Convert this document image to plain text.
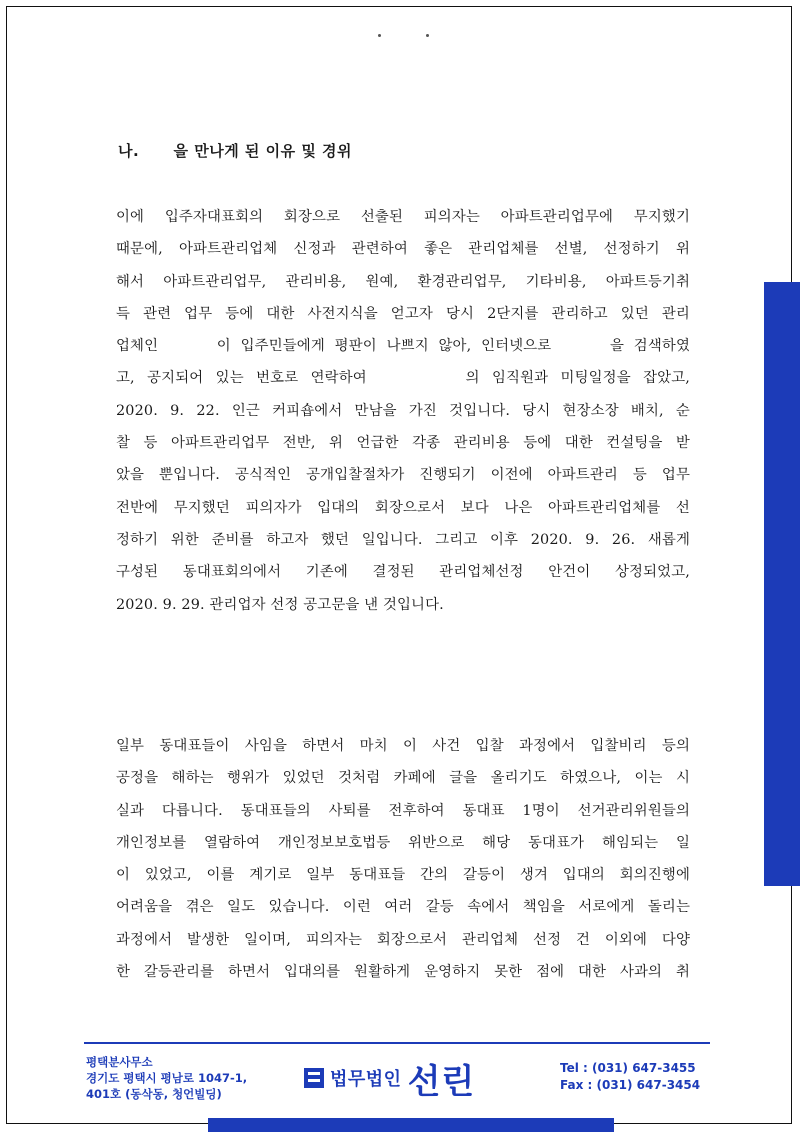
나.      을 만나게 된 이유 및 경위
이에 입주자대표회의 회장으로 선출된 피의자는 아파트관리업무에 무지했기
때문에, 아파트관리업체 신정과 관련하여 좋은 관리업체를 선별, 선정하기 위
해서 아파트관리업무, 관리비용, 원예, 환경관리업무, 기타비용, 아파트등기취
득 관련 업무 등에 대한 사전지식을 얻고자 당시 2단지를 관리하고 있던 관리
업체인      이 입주민들에게 평판이 나쁘지 않아, 인터넷으로      을 검색하였
고, 공지되어 있는 번호로 연락하여        의 임직원과 미팅일정을 잡았고,
2020. 9. 22. 인근 커피숍에서 만남을 가진 것입니다. 당시 현장소장 배치, 순
찰 등 아파트관리업무 전반, 위 언급한 각종 관리비용 등에 대한 컨설팅을 받
았을 뿐입니다. 공식적인 공개입찰절차가 진행되기 이전에 아파트관리 등 업무
전반에 무지했던 피의자가 입대의 회장으로서 보다 나은 아파트관리업체를 선
정하기 위한 준비를 하고자 했던 일입니다. 그리고 이후 2020. 9. 26. 새롭게
구성된 동대표회의에서 기존에 결정된 관리업체선정 안건이 상정되었고,
2020. 9. 29. 관리업자 선정 공고문을 낸 것입니다.
일부 동대표들이 사임을 하면서 마치 이 사건 입찰 과정에서 입찰비리 등의
공정을 해하는 행위가 있었던 것처럼 카페에 글을 올리기도 하였으나, 이는 시
실과 다릅니다. 동대표들의 사퇴를 전후하여 동대표 1명이 선거관리위원들의
개인정보를 열람하여 개인정보보호법등 위반으로 해당 동대표가 해임되는 일
이 있었고, 이를 계기로 일부 동대표들 간의 갈등이 생겨 입대의 회의진행에
어려움을 겪은 일도 있습니다. 이런 여러 갈등 속에서 책임을 서로에게 돌리는
과정에서 발생한 일이며, 피의자는 회장으로서 관리업체 선정 건 이외에 다양
한 갈등관리를 하면서 입대의를 원활하게 운영하지 못한 점에 대한 사과의 취
평택분사무소
경기도 평택시 평남로 1047-1,
401호 (동삭동, 청언빌딩)
법무법인 선린	Tel : (031) 647-3455
Fax : (031) 647-3454
